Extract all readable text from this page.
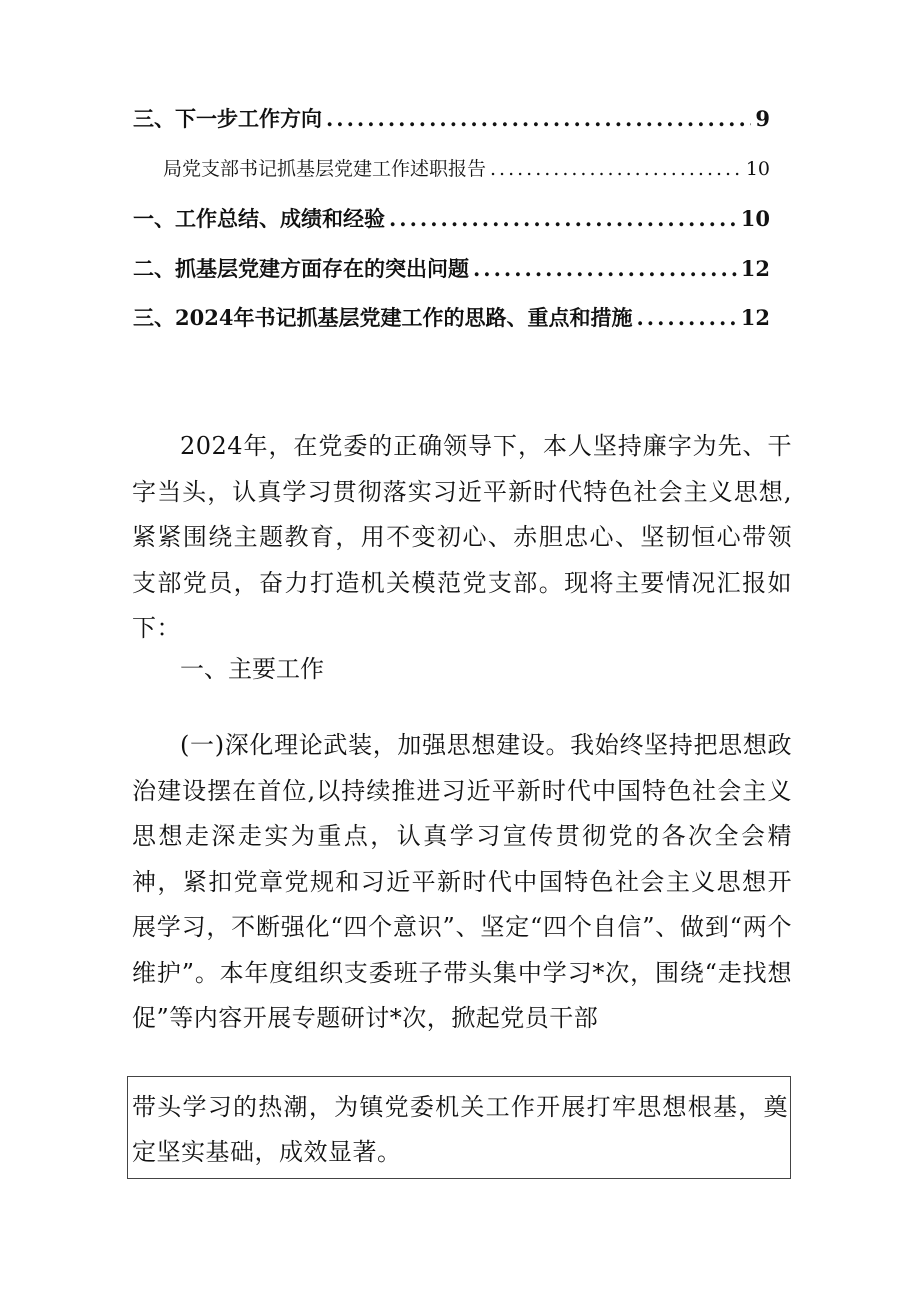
三、下一步工作方向 .....	9
局党支部书记抓基层党建工作述职报告 .....	10
一、工作总结、成绩和经验 .....	10
二、抓基层党建方面存在的突出问题 .....	12
三、2024年书记抓基层党建工作的思路、重点和措施 .....	12

2024年，在党委的正确领导下，本人坚持廉字为先、干字当头，认真学习贯彻落实习近平新时代特色社会主义思想,紧紧围绕主题教育，用不变初心、赤胆忠心、坚韧恒心带领支部党员，奋力打造机关模范党支部。现将主要情况汇报如下：

一、主要工作

(一)深化理论武装，加强思想建设。我始终坚持把思想政治建设摆在首位,以持续推进习近平新时代中国特色社会主义思想走深走实为重点，认真学习宣传贯彻党的各次全会精神，紧扣党章党规和习近平新时代中国特色社会主义思想开展学习，不断强化“四个意识”、坚定“四个自信”、做到“两个维护”。本年度组织支委班子带头集中学习*次，围绕“走找想促”等内容开展专题研讨*次，掀起党员干部

带头学习的热潮，为镇党委机关工作开展打牢思想根基，奠定坚实基础，成效显著。
